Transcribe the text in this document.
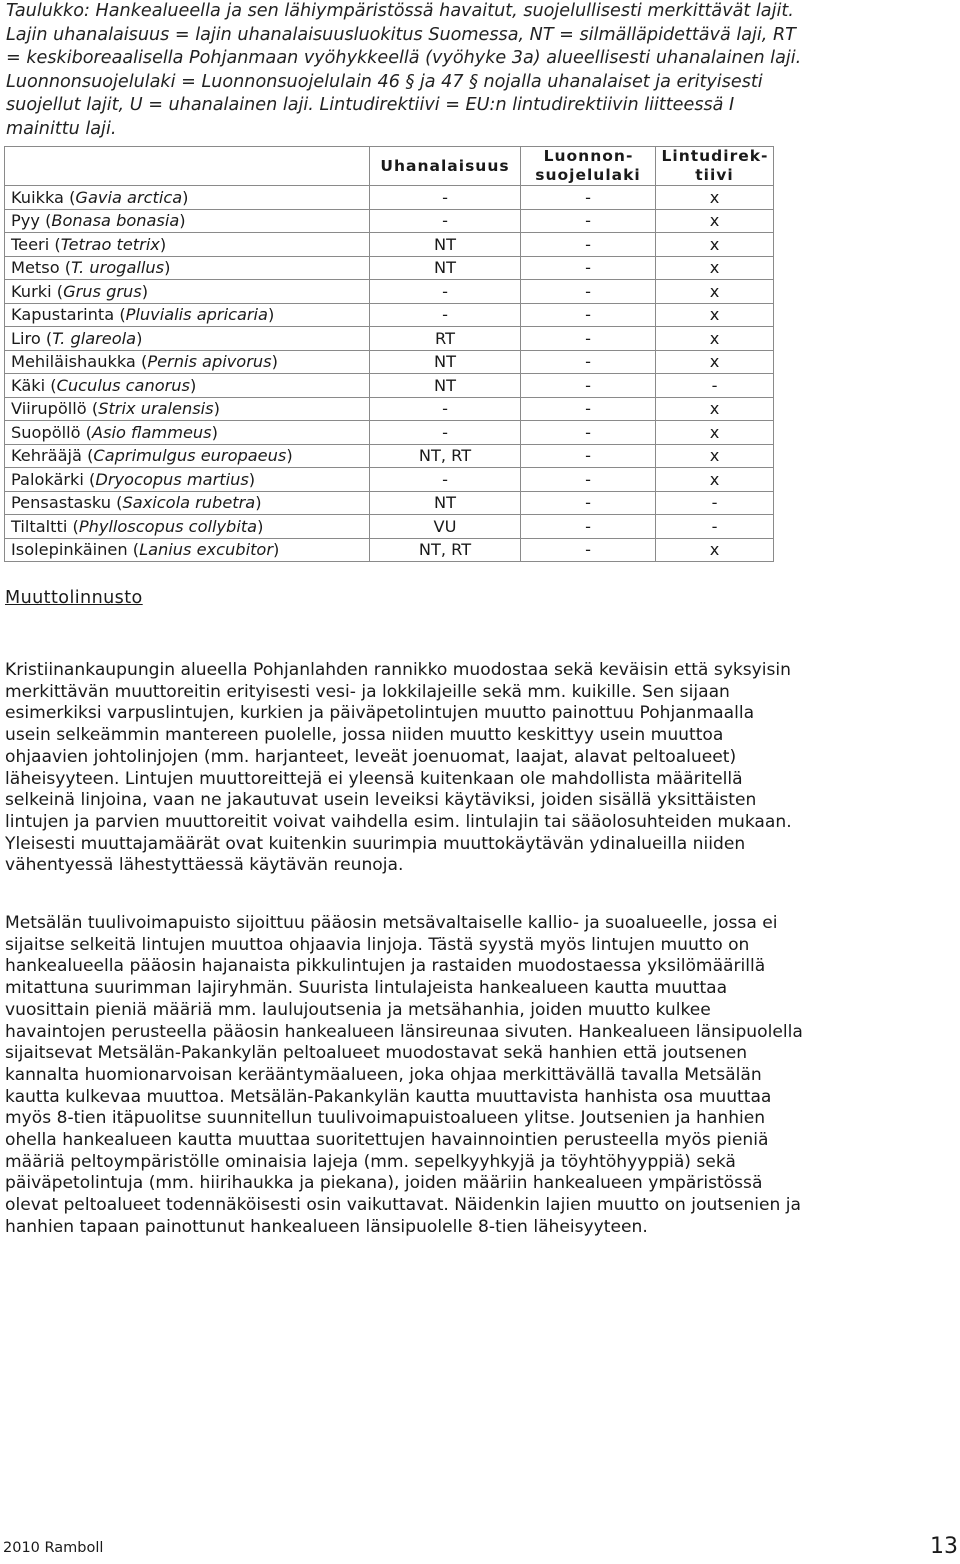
Taulukko: Hankealueella ja sen lähiympäristössä havaitut, suojelullisesti merkittävät lajit. Lajin uhanalaisuus = lajin uhanalaisuusluokitus Suomessa, NT = silmälläpidettävä laji, RT = keskiboreaalisella Pohjanmaan vyöhykkeellä (vyöhyke 3a) alueellisesti uhanalainen laji. Luonnonsuojelulaki = Luonnonsuojelulain 46 § ja 47 § nojalla uhanalaiset ja erityisesti suojellut lajit, U = uhanalainen laji. Lintudirektiivi = EU:n lintudirektiivin liitteessä I mainittu laji.
	Uhanalaisuus	Luonnonsuojelulaki	Lintudirektiivi
Kuikka (Gavia arctica)	-	-	x
Pyy (Bonasa bonasia)	-	-	x
Teeri (Tetrao tetrix)	NT	-	x
Metso (T. urogallus)	NT	-	x
Kurki (Grus grus)	-	-	x
Kapustarinta (Pluvialis apricaria)	-	-	x
Liro (T. glareola)	RT	-	x
Mehiläishaukka (Pernis apivorus)	NT	-	x
Käki (Cuculus canorus)	NT	-	-
Viirupöllö (Strix uralensis)	-	-	x
Suopöllö (Asio flammeus)	-	-	x
Kehrääjä (Caprimulgus europaeus)	NT, RT	-	x
Palokärki (Dryocopus martius)	-	-	x
Pensastasku (Saxicola rubetra)	NT	-	-
Tiltaltti (Phylloscopus collybita)	VU	-	-
Isolepinkäinen (Lanius excubitor)	NT, RT	-	x
Muuttolinnusto
Kristiinankaupungin alueella Pohjanlahden rannikko muodostaa sekä keväisin että syksyisin merkittävän muuttoreitin erityisesti vesi- ja lokkilajeille sekä mm. kuikille. Sen sijaan esimerkiksi varpuslintujen, kurkien ja päiväpetolintujen muutto painottuu Pohjanmaalla usein selkeämmin mantereen puolelle, jossa niiden muutto keskittyy usein muuttoa ohjaavien johtolinjojen (mm. harjanteet, leveät joenuomat, laajat, alavat peltoalueet) läheisyyteen. Lintujen muuttoreittejä ei yleensä kuitenkaan ole mahdollista määritellä selkeinä linjoina, vaan ne jakautuvat usein leveiksi käytäviksi, joiden sisällä yksittäisten lintujen ja parvien muuttoreitit voivat vaihdella esim. lintulajin tai sääolosuhteiden mukaan. Yleisesti muuttajamäärät ovat kuitenkin suurimpia muuttokäytävän ydinalueilla niiden vähentyessä lähestyttäessä käytävän reunoja.
Metsälän tuulivoimapuisto sijoittuu pääosin metsävaltaiselle kallio- ja suoalueelle, jossa ei sijaitse selkeitä lintujen muuttoa ohjaavia linjoja. Tästä syystä myös lintujen muutto on hankealueella pääosin hajanaista pikkulintujen ja rastaiden muodostaessa yksilömäärillä mitattuna suurimman lajiryhmän. Suurista lintulajeista hankealueen kautta muuttaa vuosittain pieniä määriä mm. laulujoutsenia ja metsähanhia, joiden muutto kulkee havaintojen perusteella pääosin hankealueen länsireunaa sivuten. Hankealueen länsipuolella sijaitsevat Metsälän-Pakankylän peltoalueet muodostavat sekä hanhien että joutsenen kannalta huomionarvoisan kerääntymäalueen, joka ohjaa merkittävällä tavalla Metsälän kautta kulkevaa muuttoa. Metsälän-Pakankylän kautta muuttavista hanhista osa muuttaa myös 8-tien itäpuolitse suunnitellun tuulivoimapuistoalueen ylitse. Joutsenien ja hanhien ohella hankealueen kautta muuttaa suoritettujen havainnointien perusteella myös pieniä määriä peltoympäristölle ominaisia lajeja (mm. sepelkyyhkyjä ja töyhtöhyyppiä) sekä päiväpetolintuja (mm. hiirihaukka ja piekana), joiden määriin hankealueen ympäristössä olevat peltoalueet todennäköisesti osin vaikuttavat. Näidenkin lajien muutto on joutsenien ja hanhien tapaan painottunut hankealueen länsipuolelle 8-tien läheisyyteen.
2010 Ramboll	13
